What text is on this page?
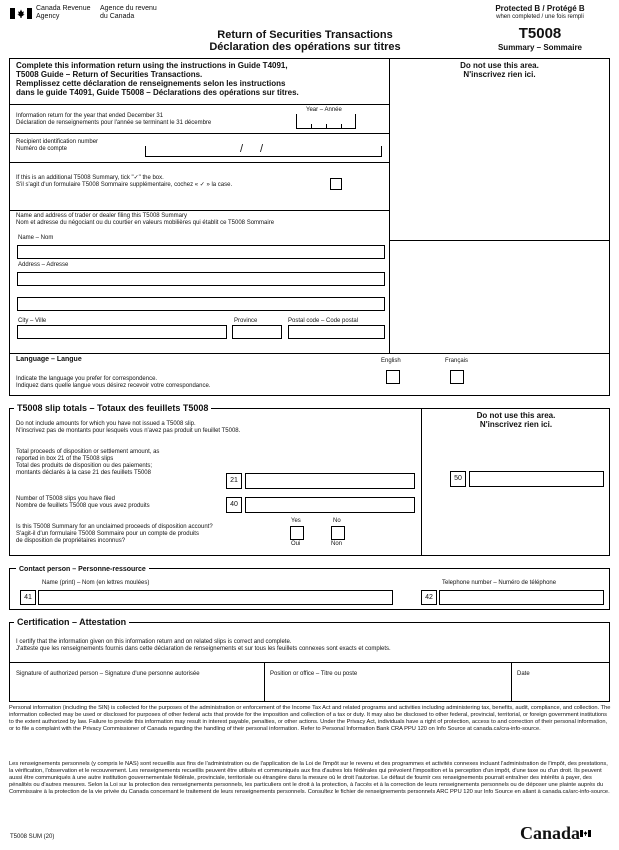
Canada Revenue
Agency
Agence du revenu
du Canada
Protected B / Protégé B
when completed / une fois rempli
Return of Securities Transactions
Déclaration des opérations sur titres
T5008
Summary – Sommaire
Complete this information return using the instructions in Guide T4091,
T5008 Guide – Return of Securities Transactions.
Remplissez cette déclaration de renseignements selon les instructions
dans le guide T4091, Guide T5008 – Déclarations des opérations sur titres.
Do not use this area.
N'inscrivez rien ici.
Year – Année
Information return for the year that ended December 31
Déclaration de renseignements pour l'année se terminant le 31 décembre
Recipient identification number
Numéro de compte	/ /
If this is an additional T5008 Summary, tick "✓" the box.
S'il s'agit d'un formulaire T5008 Sommaire supplémentaire, cochez « ✓ » la case.
Name and address of trader or dealer filing this T5008 Summary
Nom et adresse du négociant ou du courtier en valeurs mobilières qui établit ce T5008 Sommaire
Name – Nom
Address – Adresse
City – Ville	Province	Postal code – Code postal
Language – Langue	English	Français
Indicate the language you prefer for correspondence.
Indiquez dans quelle langue vous désirez recevoir votre correspondance.
T5008 slip totals – Totaux des feuillets T5008
Do not use this area.
N'inscrivez rien ici.
Do not include amounts for which you have not issued a T5008 slip.
N'inscrivez pas de montants pour lesquels vous n'avez pas produit un feuillet T5008.
Total proceeds of disposition or settlement amount, as
reported in box 21 of the T5008 slips
Total des produits de disposition ou des paiements;
montants déclarés à la case 21 des feuillets T5008
21	50
Number of T5008 slips you have filed
Nombre de feuillets T5008 que vous avez produits	40
Is this T5008 Summary for an unclaimed proceeds of disposition account?
S'agit-il d'un formulaire T5008 Sommaire pour un compte de produits
de disposition de propriétaires inconnus?
Yes	No
Oui	Non
Contact person – Personne-ressource
Name (print) – Nom (en lettres moulées)	Telephone number – Numéro de téléphone
41	42
Certification – Attestation
I certify that the information given on this information return and on related slips is correct and complete.
J'atteste que les renseignements fournis dans cette déclaration de renseignements et sur tous les feuillets connexes sont exacts et complets.
Signature of authorized person – Signature d'une personne autorisée	Position or office – Titre ou poste	Date
Personal information (including the SIN) is collected for the purposes of the administration or enforcement of the Income Tax Act and related programs and activities including administering tax, benefits, audit, compliance, and collection. The information collected may be used or disclosed for purposes of other federal acts that provide for the imposition and collection of a tax or duty. It may also be disclosed to other federal, provincial, territorial, or foreign government institutions to the extent authorized by law. Failure to provide this information may result in interest payable, penalties, or other actions. Under the Privacy Act, individuals have a right of protection, access to and correction of their personal information, or to file a complaint with the Privacy Commissioner of Canada regarding the handling of their personal information. Refer to Personal Information Bank CRA PPU 120 on Info Source at canada.ca/cra-info-source.
Les renseignements personnels (y compris le NAS) sont recueillis aux fins de l'administration ou de l'application de la Loi de l'impôt sur le revenu et des programmes et activités connexes incluant l'administration de l'impôt, des prestations, la vérification, l'observation et le recouvrement. Les renseignements recueillis peuvent être utilisés et communiqués aux fins d'autres lois fédérales qui prévoient l'imposition et la perception d'un impôt, d'une taxe ou d'un droit. Ils peuvent aussi être communiqués à une autre institution gouvernementale fédérale, provinciale, territoriale ou étrangère dans la mesure où le droit l'autorise. Le défaut de fournir ces renseignements pourrait entraîner des intérêts à payer, des pénalités ou d'autres mesures. Selon la Loi sur la protection des renseignements personnels, les particuliers ont le droit à la protection, à l'accès et à la correction de leurs renseignements personnels ou de déposer une plainte auprès du Commissaire à la protection de la vie privée du Canada concernant le traitement de leurs renseignements personnels. Consultez le fichier de renseignements personnels ARC PPU 120 sur Info Source en allant à canada.ca/arc-info-source.
T5008 SUM (20)	Canada
